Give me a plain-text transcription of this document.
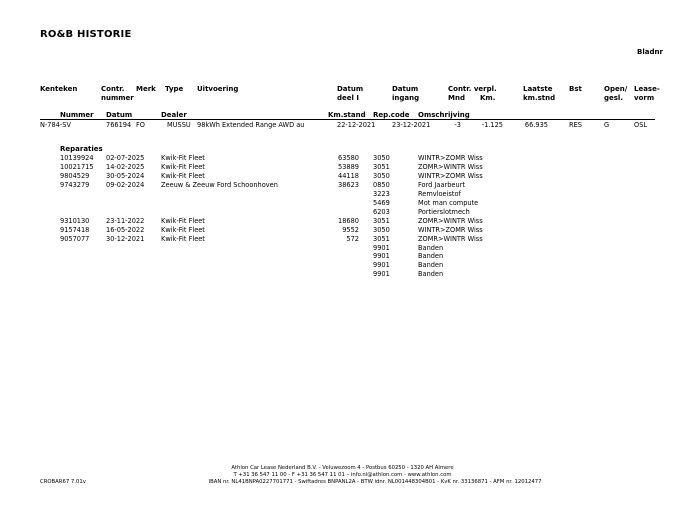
RO&B HISTORIE
Bladnr
Kenteken	Contr.
nummer
Merk Type Uitvoering	Datum
deel I
Datum
ingang
Contr. verpl.
Mnd Km.
Laatste
km.stnd
Bst	Open/
gesl.
Lease-
vorm
Nummer Datum	Dealer	Km.stand Rep.code Omschrijving
N-784-SV	766194 FO	MUSSU 98kWh Extended Range AWD au	22-12-2021	23-12-2021	-3	-1.125	66.935	RES	G	OSL
Reparaties
10139924 02-07-2025	Kwik-Fit Fleet	63580 3050	WINTR>ZOMR Wiss
10021715 14-02-2025	Kwik-Fit Fleet	53889 3051	ZOMR>WINTR Wiss
9804529	30-05-2024	Kwik-Fit Fleet	44118 3050	WINTR>ZOMR Wiss
9743279	09-02-2024	Zeeuw & Zeeuw Ford Schoonhoven	38623 0850	Ford Jaarbeurt
3223	Remvloeistof
5469	Mot man compute
6203	Portierslotmech
9310130	23-11-2022	Kwik-Fit Fleet	18680 3051	ZOMR>WINTR Wiss
9157418	16-05-2022	Kwik-Fit Fleet	9552 3050	WINTR>ZOMR Wiss
9057077	30-12-2021	Kwik-Fit Fleet	572 3051	ZOMR>WINTR Wiss
9901	Banden
9901	Banden
9901	Banden
9901	Banden
Athlon Car Lease Nederland B.V. - Veluwezoom 4 - Postbus 60250 - 1320 AH Almere
T +31 36 547 11 00 - F +31 36 547 11 01 – info.nl@athlon.com - www.athlon.com
CROBAR67 7.01v	IBAN nr. NL41BNPA0227701771 - Swiftadres BNPANL2A - BTW idnr. NL001448304B01 - KvK nr. 33136871 - AFM nr. 12012477
